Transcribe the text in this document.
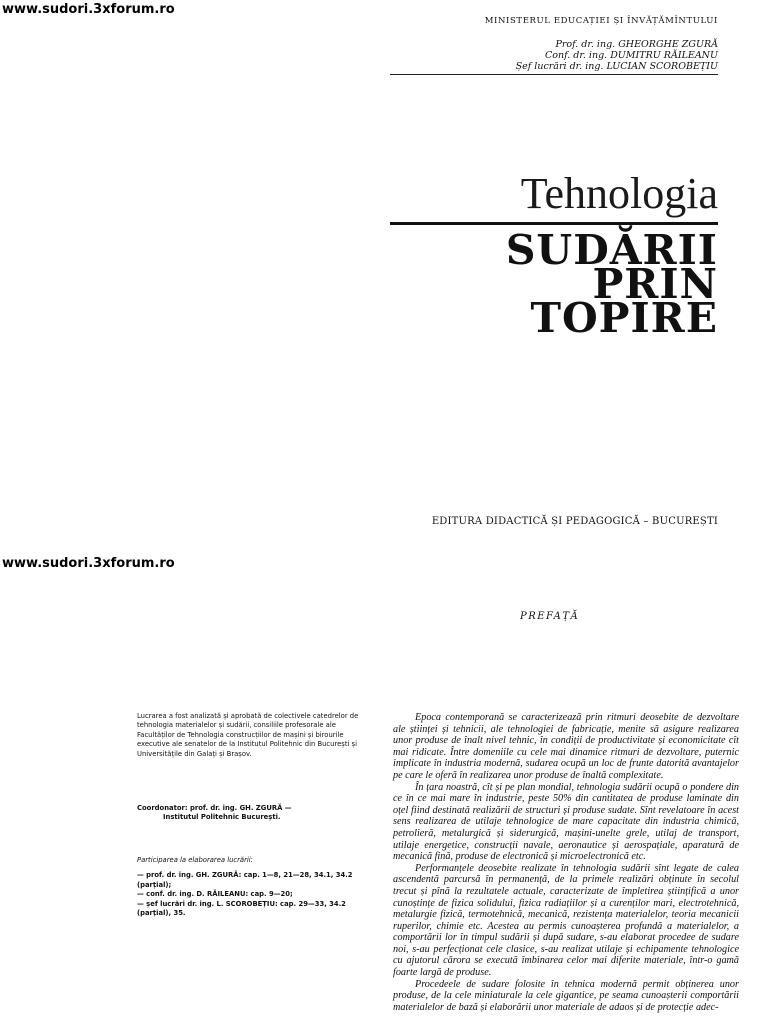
www.sudori.3xforum.ro
www.sudori.3xforum.ro
MINISTERUL EDUCAȚIEI ȘI ÎNVĂȚĂMÎNTULUI
Prof. dr. ing. GHEORGHE ZGURĂ
Conf. dr. ing. DUMITRU RĂILEANU
Șef lucrări dr. ing. LUCIAN SCOROBEȚIU
Tehnologia
SUDĂRII
PRIN
TOPIRE
EDITURA DIDACTICĂ ȘI PEDAGOGICĂ – BUCUREȘTI
PREFAȚĂ

Lucrarea a fost analizată și aprobată de colectivele catedrelor de tehnologia materialelor și sudării, consiliile profesorale ale Facultăților de Tehnologia construcțiilor de mașini și birourile executive ale senatelor de la Institutul Politehnic din București și Universitățile din Galați și Brașov.

Coordonator: prof. dr. ing. GH. ZGURĂ —

Institutul Politehnic București.

Participarea la elaborarea lucrării:

— prof. dr. ing. GH. ZGURĂ: cap. 1—8, 21—28, 34.1, 34.2 (parțial);

— conf. dr. ing. D. RĂILEANU: cap. 9—20;

— șef lucrări dr. ing. L. SCOROBEȚIU: cap. 29—33, 34.2 (parțial), 35.

Epoca contemporană se caracterizează prin ritmuri deosebite de dezvoltare ale științei și tehnicii, ale tehnologiei de fabricație, menite să asigure realizarea unor produse de înalt nivel tehnic, în condiții de productivitate și economicitate cît mai ridicate. Între domeniile cu cele mai dinamice ritmuri de dezvoltare, puternic implicate în industria modernă, sudarea ocupă un loc de frunte datorită avantajelor pe care le oferă în realizarea unor produse de înaltă complexitate.

În țara noastră, cît și pe plan mondial, tehnologia sudării ocupă o pondere din ce în ce mai mare în industrie, peste 50% din cantitatea de produse laminate din oțel fiind destinată realizării de structuri și produse sudate. Sînt revelatoare în acest sens realizarea de utilaje tehnologice de mare capacitate din industria chimică, petrolieră, metalurgică și siderurgică, mașini-unelte grele, utilaj de transport, utilaje energetice, construcții navale, aeronautice și aerospațiale, aparatură de mecanică fină, produse de electronică și microelectronică etc.

Performanțele deosebite realizate în tehnologia sudării sînt legate de calea ascendentă parcursă în permanență, de la primele realizări obținute în secolul trecut și pînă la rezultatele actuale, caracterizate de împletirea științifică a unor cunoștințe de fizica solidului, fizica radiațiilor și a curenților mari, electrotehnică, metalurgie fizică, termotehnică, mecanică, rezistența materialelor, teoria mecanicii ruperilor, chimie etc. Acestea au permis cunoașterea profundă a materialelor, a comportării lor în timpul sudării și după sudare, s-au elaborat procedee de sudare noi, s-au perfecționat cele clasice, s-au realizat utilaje și echipamente tehnologice cu ajutorul cărora se execută îmbinarea celor mai diferite materiale, într-o gamă foarte largă de produse.

Procedeele de sudare folosite în tehnica modernă permit obținerea unor produse, de la cele miniaturale la cele gigantice, pe seama cunoașterii comportării materialelor de bază și elaborării unor materiale de adaos și de protecție adec-
